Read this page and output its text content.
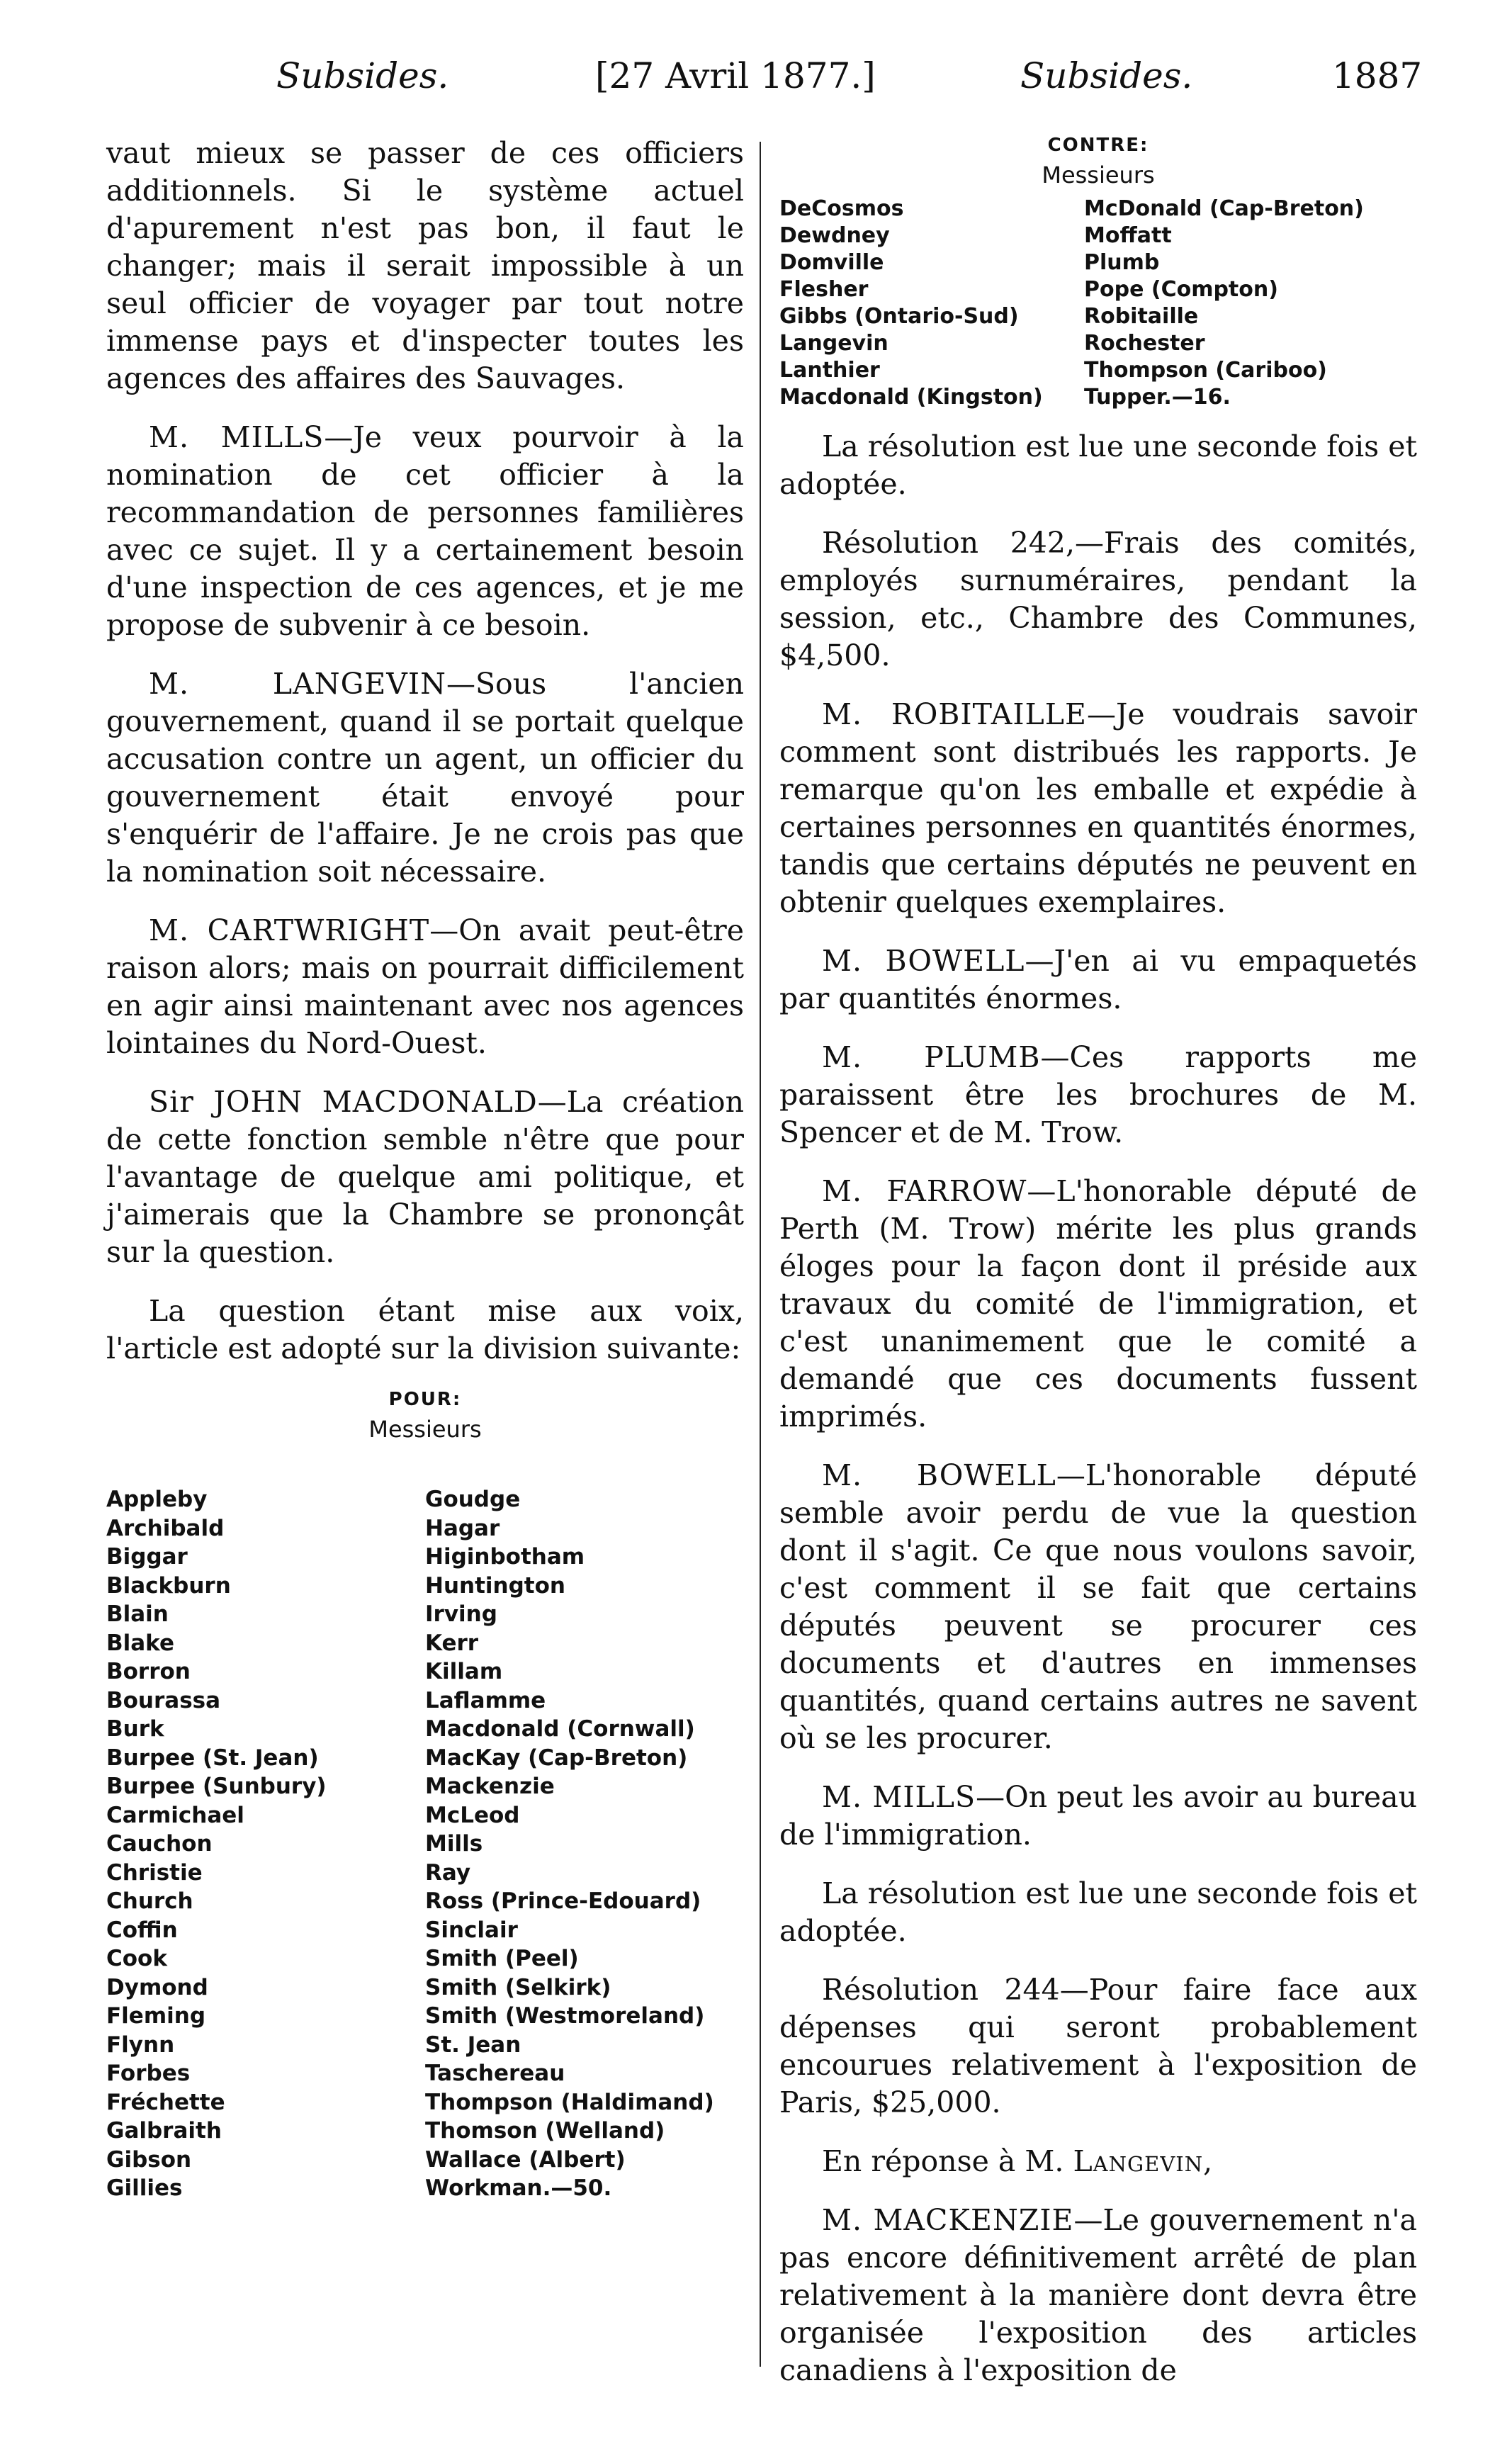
Subsides.	[27 Avril 1877.]	Subsides.	1887

vaut mieux se passer de ces officiers additionnels. Si le système actuel d'apurement n'est pas bon, il faut le changer; mais il serait impossible à un seul officier de voyager par tout notre immense pays et d'inspecter toutes les agences des affaires des Sauvages.

M. MILLS—Je veux pourvoir à la nomination de cet officier à la recommandation de personnes familières avec ce sujet. Il y a certainement besoin d'une inspection de ces agences, et je me propose de subvenir à ce besoin.

M. LANGEVIN—Sous l'ancien gouvernement, quand il se portait quelque accusation contre un agent, un officier du gouvernement était envoyé pour s'enquérir de l'affaire. Je ne crois pas que la nomination soit nécessaire.

M. CARTWRIGHT—On avait peut-être raison alors; mais on pourrait difficilement en agir ainsi maintenant avec nos agences lointaines du Nord-Ouest.

Sir JOHN MACDONALD—La création de cette fonction semble n'être que pour l'avantage de quelque ami politique, et j'aimerais que la Chambre se prononçât sur la question.

La question étant mise aux voix, l'article est adopté sur la division suivante:

POUR:
Messieurs
Appleby	Goudge
Archibald	Hagar
Biggar	Higinbotham
Blackburn	Huntington
Blain	Irving
Blake	Kerr
Borron	Killam
Bourassa	Laflamme
Burk	Macdonald (Cornwall)
Burpee (St. Jean)	MacKay (Cap-Breton)
Burpee (Sunbury)	Mackenzie
Carmichael	McLeod
Cauchon	Mills
Christie	Ray
Church	Ross (Prince-Edouard)
Coffin	Sinclair
Cook	Smith (Peel)
Dymond	Smith (Selkirk)
Fleming	Smith (Westmoreland)
Flynn	St. Jean
Forbes	Taschereau
Fréchette	Thompson (Haldimand)
Galbraith	Thomson (Welland)
Gibson	Wallace (Albert)
Gillies	Workman.—50.
CONTRE:
Messieurs
DeCosmos	McDonald (Cap-Breton)
Dewdney	Moffatt
Domville	Plumb
Flesher	Pope (Compton)
Gibbs (Ontario-Sud)	Robitaille
Langevin	Rochester
Lanthier	Thompson (Cariboo)
Macdonald (Kingston)	Tupper.—16.

La résolution est lue une seconde fois et adoptée.

Résolution 242,—Frais des comités, employés surnuméraires, pendant la session, etc., Chambre des Communes, $4,500.

M. ROBITAILLE—Je voudrais savoir comment sont distribués les rapports. Je remarque qu'on les emballe et expédie à certaines personnes en quantités énormes, tandis que certains députés ne peuvent en obtenir quelques exemplaires.

M. BOWELL—J'en ai vu empaquetés par quantités énormes.

M. PLUMB—Ces rapports me paraissent être les brochures de M. Spencer et de M. Trow.

M. FARROW—L'honorable député de Perth (M. Trow) mérite les plus grands éloges pour la façon dont il préside aux travaux du comité de l'immigration, et c'est unanimement que le comité a demandé que ces documents fussent imprimés.

M. BOWELL—L'honorable député semble avoir perdu de vue la question dont il s'agit. Ce que nous voulons savoir, c'est comment il se fait que certains députés peuvent se procurer ces documents et d'autres en immenses quantités, quand certains autres ne savent où se les procurer.

M. MILLS—On peut les avoir au bureau de l'immigration.

La résolution est lue une seconde fois et adoptée.

Résolution 244—Pour faire face aux dépenses qui seront probablement encourues relativement à l'exposition de Paris, $25,000.

En réponse à M. Langevin,

M. MACKENZIE—Le gouvernement n'a pas encore définitivement arrêté de plan relativement à la manière dont devra être organisée l'exposition des articles canadiens à l'exposition de
